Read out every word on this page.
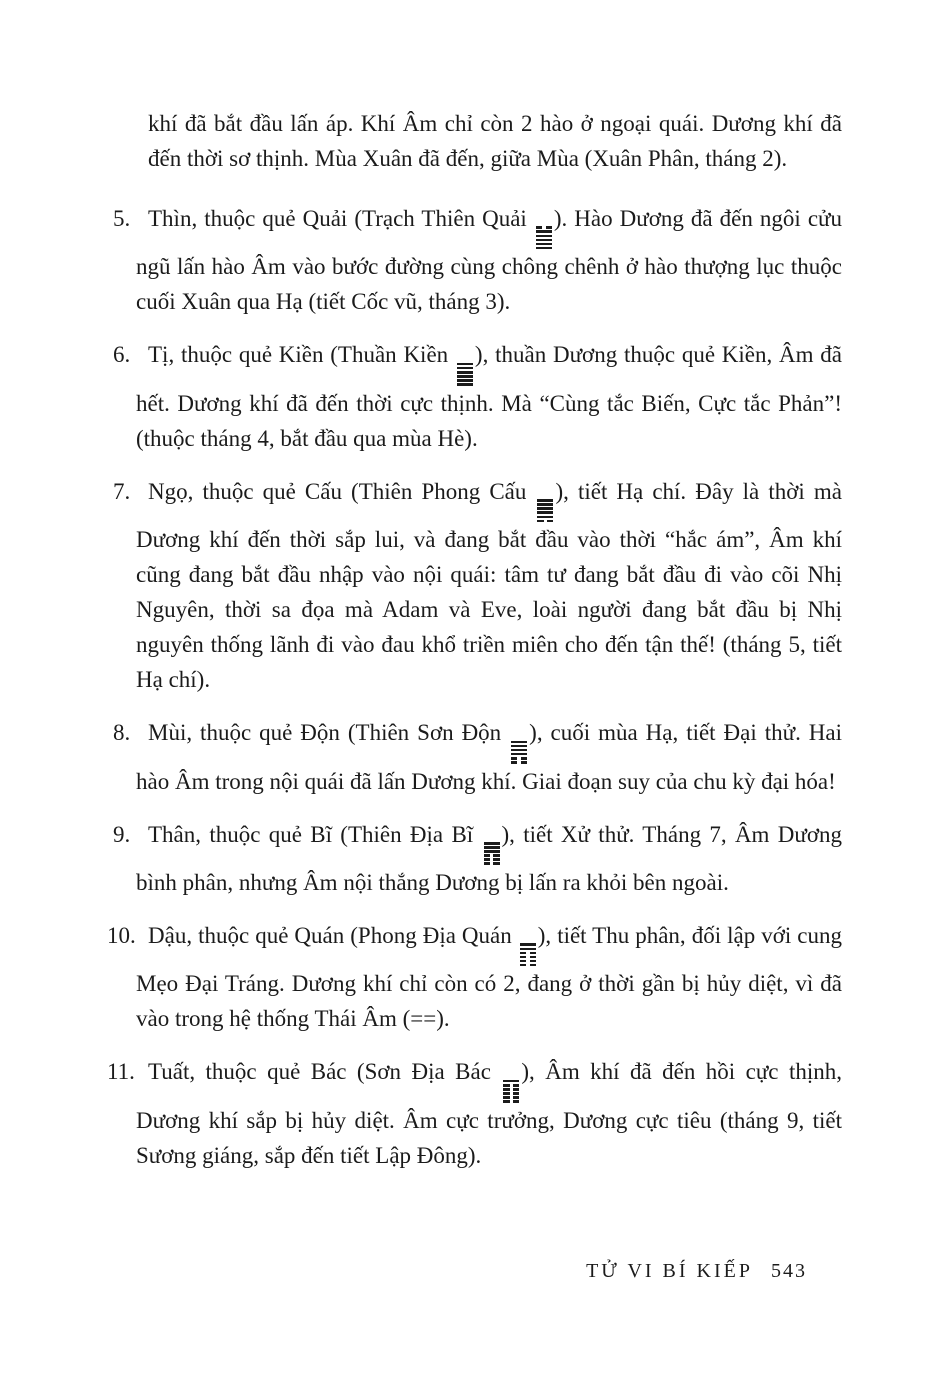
khí đã bắt đầu lấn áp. Khí Âm chỉ còn 2 hào ở ngoại quái. Dương khí đã đến thời sơ thịnh. Mùa Xuân đã đến, giữa Mùa (Xuân Phân, tháng 2).

5. Thìn, thuộc quẻ Quải (Trạch Thiên Quải
). Hào Dương đã đến ngôi cửu ngũ lấn hào Âm vào bước đường cùng chông chênh ở hào thượng lục thuộc cuối Xuân qua Hạ (tiết Cốc vũ, tháng 3).
6. Tị, thuộc quẻ Kiền (Thuần Kiền
), thuần Dương thuộc quẻ Kiền, Âm đã hết. Dương khí đã đến thời cực thịnh. Mà “Cùng tắc Biến, Cực tắc Phản”! (thuộc tháng 4, bắt đầu qua mùa Hè).
7. Ngọ, thuộc quẻ Cấu (Thiên Phong Cấu
), tiết Hạ chí. Đây là thời mà Dương khí đến thời sắp lui, và đang bắt đầu vào thời “hắc ám”, Âm khí cũng đang bắt đầu nhập vào nội quái: tâm tư đang bắt đầu đi vào cõi Nhị Nguyên, thời sa đọa mà Adam và Eve, loài người đang bắt đầu bị Nhị nguyên thống lãnh đi vào đau khổ triền miên cho đến tận thế! (tháng 5, tiết Hạ chí).
8. Mùi, thuộc quẻ Độn (Thiên Sơn Độn
), cuối mùa Hạ, tiết Đại thử. Hai hào Âm trong nội quái đã lấn Dương khí. Giai đoạn suy của chu kỳ đại hóa!
9. Thân, thuộc quẻ Bĩ (Thiên Địa Bĩ
), tiết Xử thử. Tháng 7, Âm Dương bình phân, nhưng Âm nội thắng Dương bị lấn ra khỏi bên ngoài.
10. Dậu, thuộc quẻ Quán (Phong Địa Quán
), tiết Thu phân, đối lập với cung Mẹo Đại Tráng. Dương khí chỉ còn có 2, đang ở thời gần bị hủy diệt, vì đã vào trong hệ thống Thái Âm (==).
11. Tuất, thuộc quẻ Bác (Sơn Địa Bác
), Âm khí đã đến hồi cực thịnh, Dương khí sắp bị hủy diệt. Âm cực trưởng, Dương cực tiêu (tháng 9, tiết Sương giáng, sắp đến tiết Lập Đông).
TỬ VI BÍ KIẾP 543
